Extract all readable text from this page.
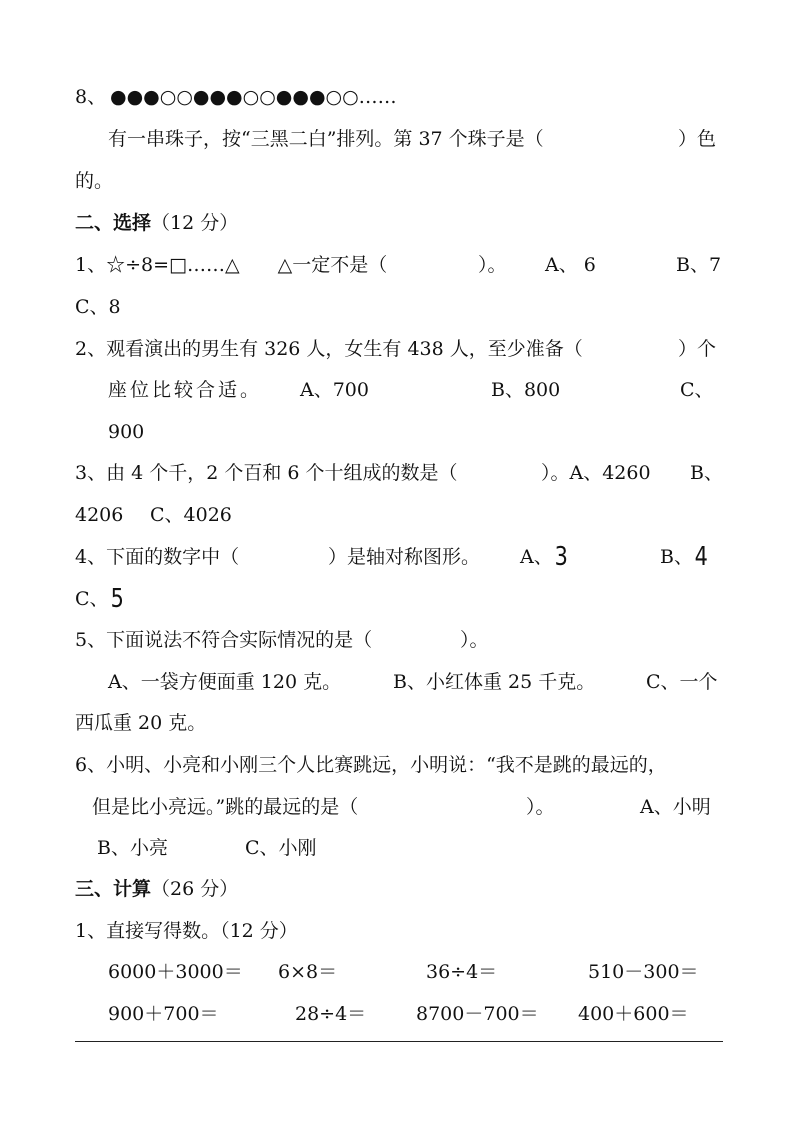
8、 ●●●○○●●●○○●●●○○……
有一串珠子，按“三黑二白”排列。第 37 个珠子是（	）色
的。
二、选择（12 分）
1、☆÷8=□……△　　△一定不是（	）。 A、 6	B、7
C、8
2、观看演出的男生有 326 人，女生有 438 人，至少准备（	）个
座位比较合适。 A、700	B、800	C、
900
3、由 4 个千，2 个百和 6 个十组成的数是（	）。A、4260 B、
4206 C、4026
4、下面的数字中（	）是轴对称图形。 A、3	B、4
C、5
5、下面说法不符合实际情况的是（	）。
A、一袋方便面重 120 克。	B、小红体重 25 千克。	C、一个
西瓜重 20 克。
6、小明、小亮和小刚三个人比赛跳远，小明说：“我不是跳的最远的，
但是比小亮远。”跳的最远的是（	）。	A、小明
B、小亮	C、小刚
三、计算（26 分）
1、直接写得数。（12 分）
6000＋3000＝ 6×8＝	36÷4＝	510－300＝
900＋700＝	28÷4＝	8700－700＝ 400＋600＝
